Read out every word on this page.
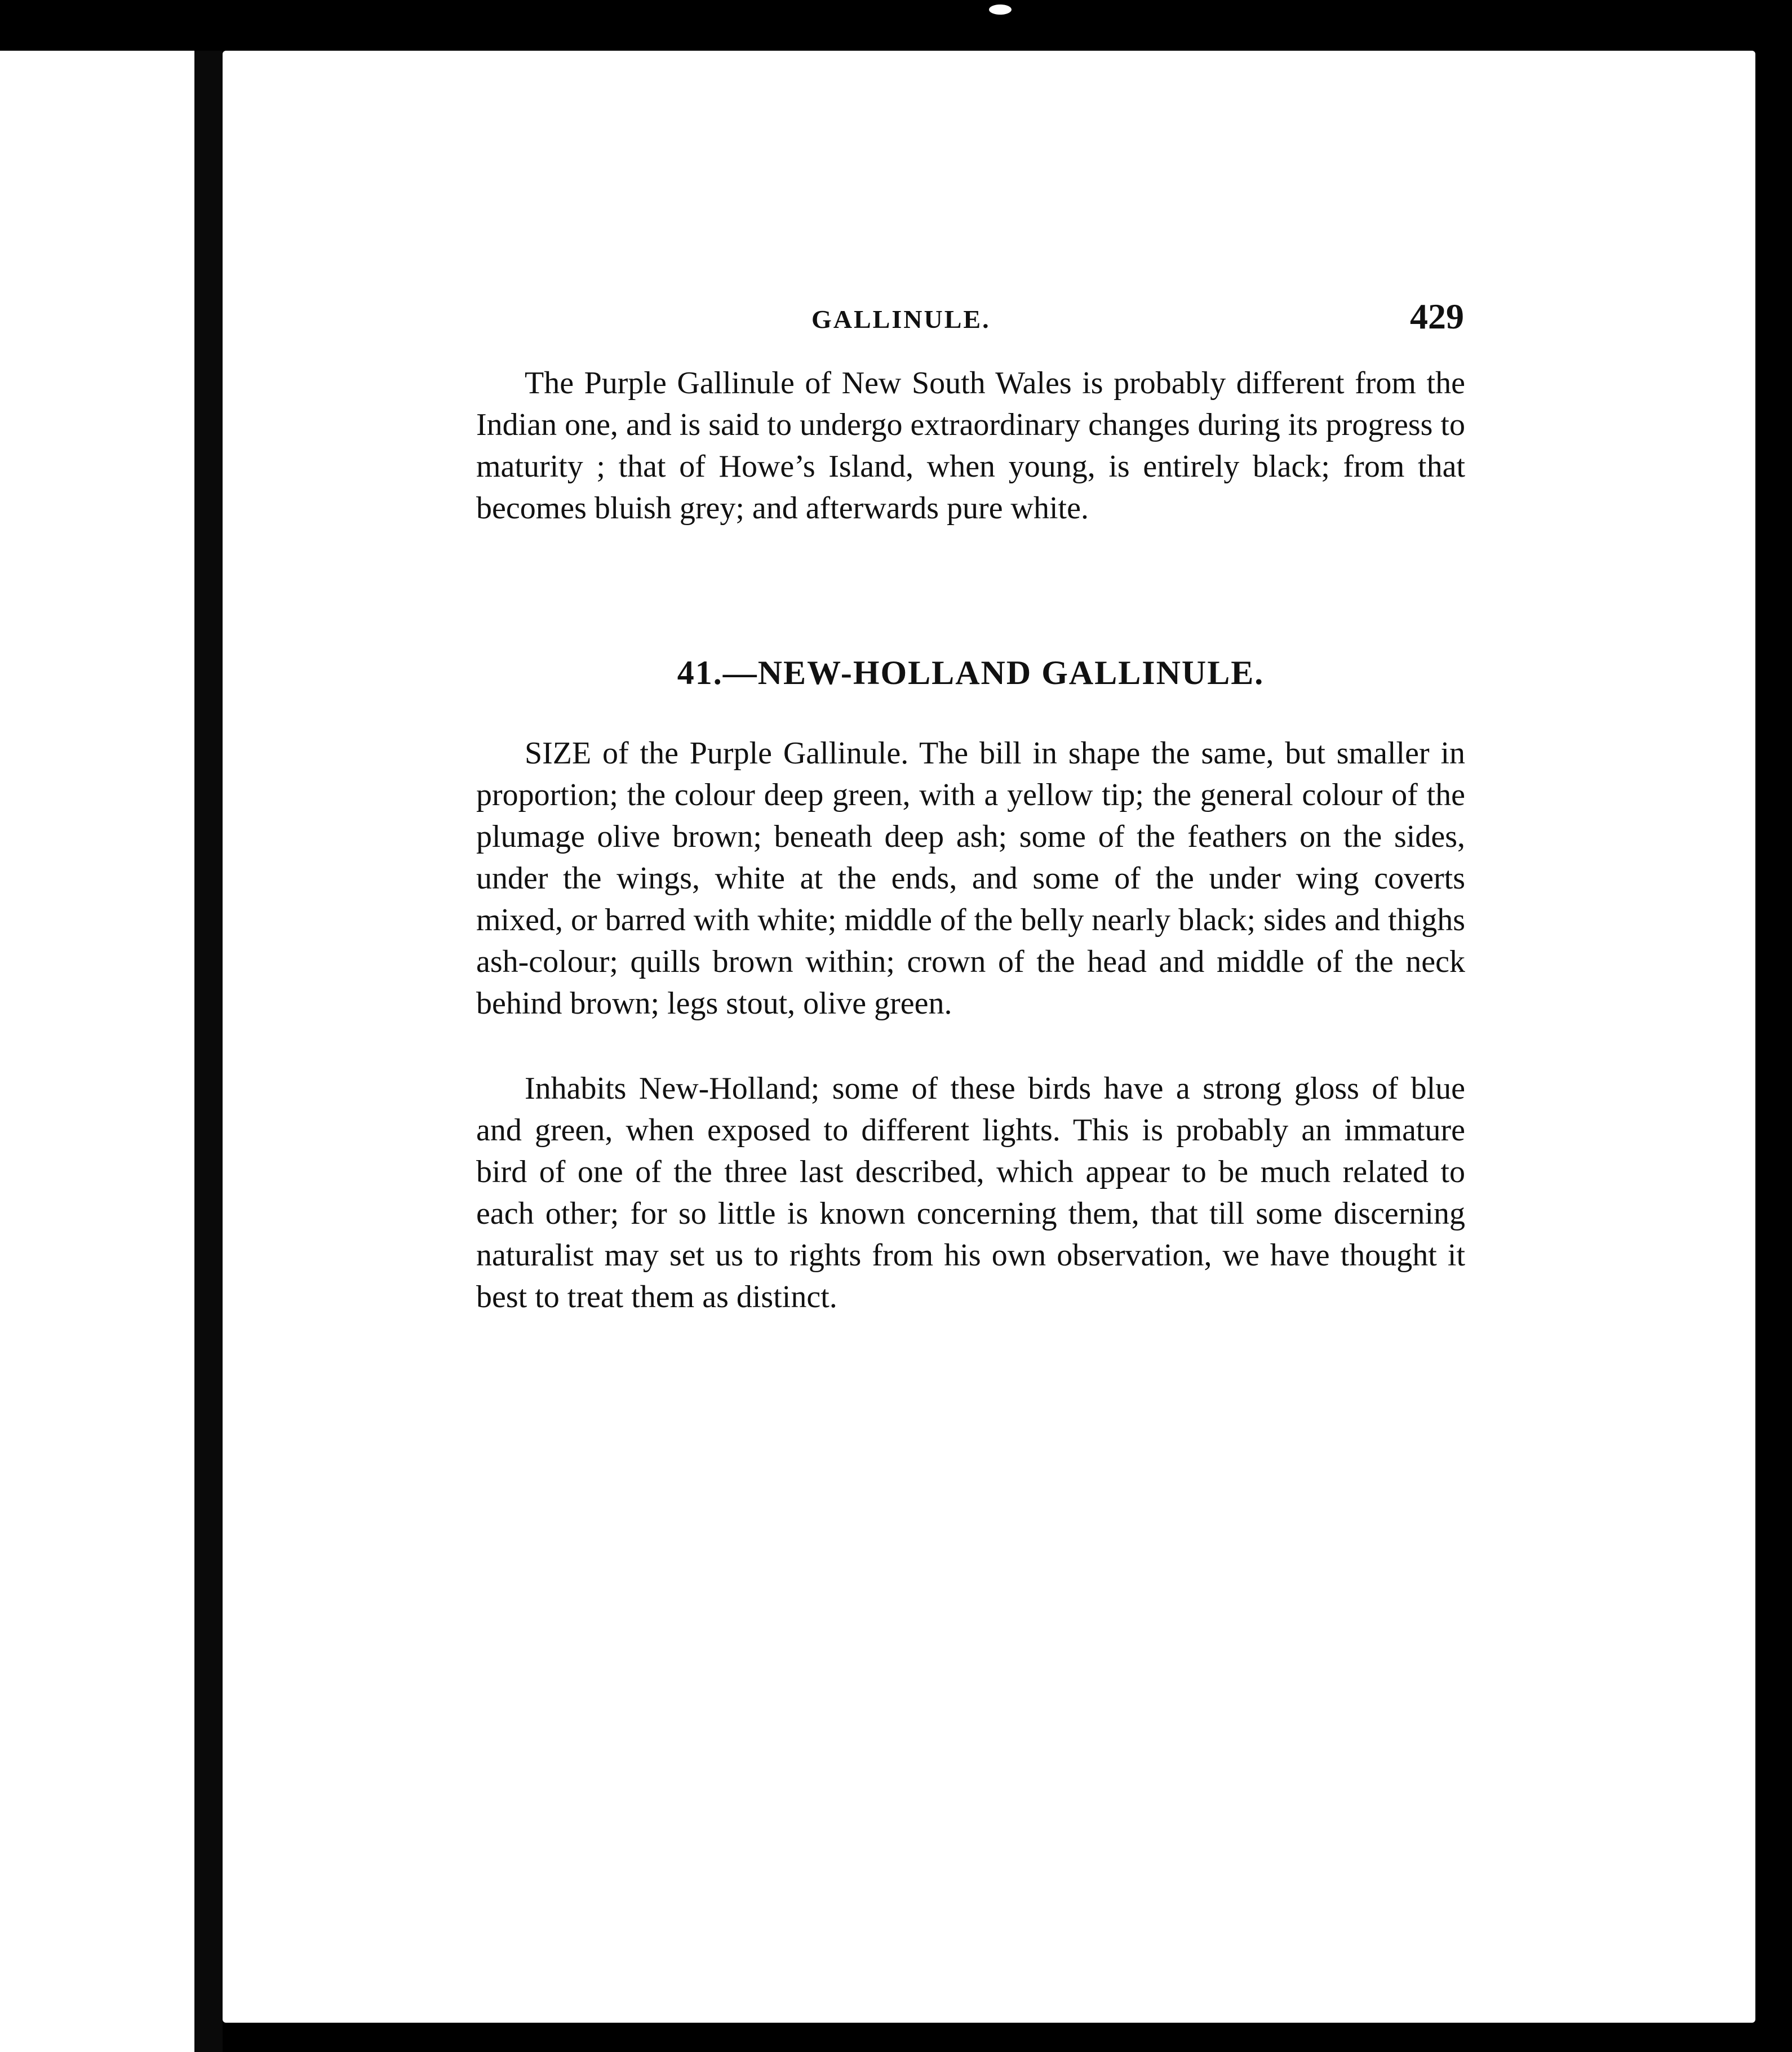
GALLINULE.	429

The Purple Gallinule of New South Wales is probably different from the Indian one, and is said to undergo extraordinary changes during its progress to maturity ; that of Howe’s Island, when young, is entirely black; from that becomes bluish grey; and afterwards pure white.

41.—NEW-HOLLAND GALLINULE.

SIZE of the Purple Gallinule. The bill in shape the same, but smaller in proportion; the colour deep green, with a yellow tip; the general colour of the plumage olive brown; beneath deep ash; some of the feathers on the sides, under the wings, white at the ends, and some of the under wing coverts mixed, or barred with white; middle of the belly nearly black; sides and thighs ash-colour; quills brown within; crown of the head and middle of the neck behind brown; legs stout, olive green.

Inhabits New-Holland; some of these birds have a strong gloss of blue and green, when exposed to different lights. This is probably an immature bird of one of the three last described, which appear to be much related to each other; for so little is known concerning them, that till some discerning naturalist may set us to rights from his own observation, we have thought it best to treat them as distinct.
